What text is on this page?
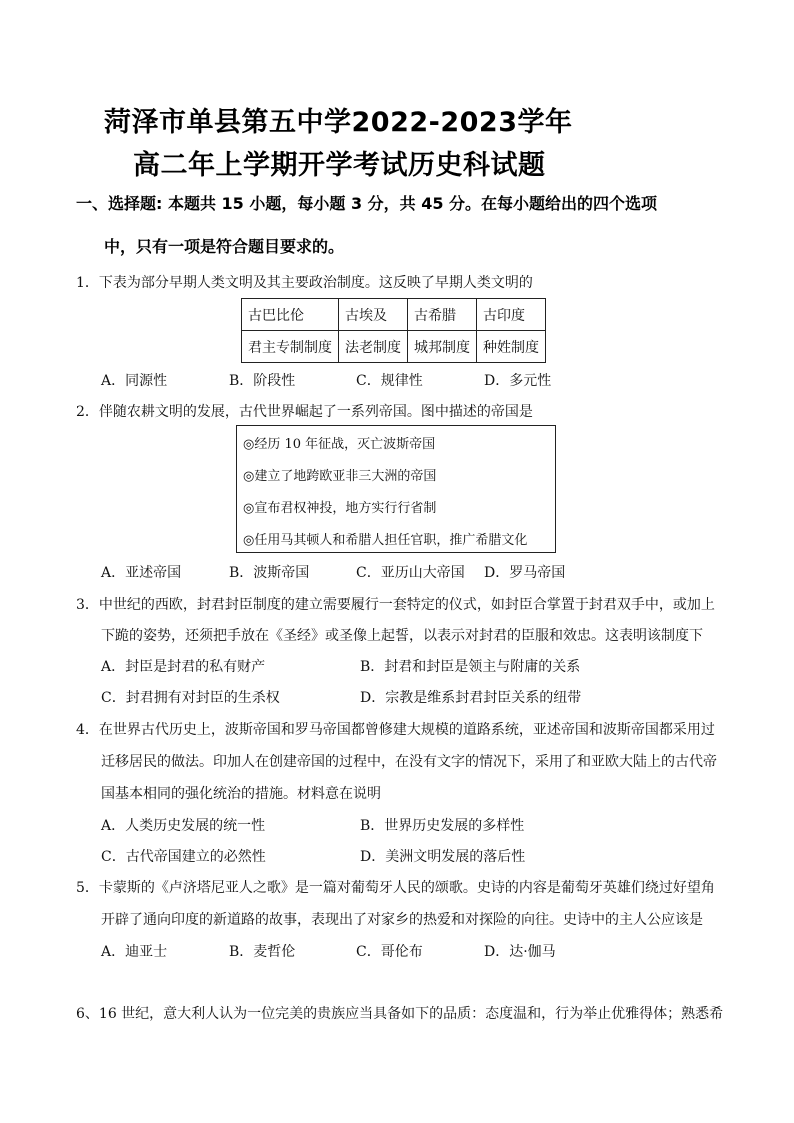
菏泽市单县第五中学2022-2023学年
高二年上学期开学考试历史科试题
一、选择题: 本题共 15 小题，每小题 3 分，共 45 分。在每小题给出的四个选项
中，只有一项是符合题目要求的。
1．下表为部分早期人类文明及其主要政治制度。这反映了早期人类文明的
古巴比伦	古埃及	古希腊	古印度
君主专制制度	法老制度	城邦制度	种姓制度
A．同源性	B．阶段性	C．规律性	D．多元性
2．伴随农耕文明的发展，古代世界崛起了一系列帝国。图中描述的帝国是
◎经历 10 年征战，灭亡波斯帝国
◎建立了地跨欧亚非三大洲的帝国
◎宣布君权神投，地方实行行省制
◎任用马其顿人和希腊人担任官职，推广希腊文化
A．亚述帝国	B．波斯帝国	C．亚历山大帝国 D．罗马帝国
3．中世纪的西欧，封君封臣制度的建立需要履行一套特定的仪式，如封臣合掌置于封君双手中，或加上
下跪的姿势，还须把手放在《圣经》或圣像上起誓，以表示对封君的臣服和效忠。这表明该制度下
A．封臣是封君的私有财产	B．封君和封臣是领主与附庸的关系
C．封君拥有对封臣的生杀权	D．宗教是维系封君封臣关系的纽带
4．在世界古代历史上，波斯帝国和罗马帝国都曾修建大规模的道路系统，亚述帝国和波斯帝国都采用过
迁移居民的做法。印加人在创建帝国的过程中，在没有文字的情况下，采用了和亚欧大陆上的古代帝
国基本相同的强化统治的措施。材料意在说明
A．人类历史发展的统一性	B．世界历史发展的多样性
C．古代帝国建立的必然性	D．美洲文明发展的落后性
5．卡蒙斯的《卢济塔尼亚人之歌》是一篇对葡萄牙人民的颂歌。史诗的内容是葡萄牙英雄们绕过好望角
开辟了通向印度的新道路的故事，表现出了对家乡的热爱和对探险的向往。史诗中的主人公应该是
A．迪亚士	B．麦哲伦	C．哥伦布	D．达·伽马
6、16 世纪，意大利人认为一位完美的贵族应当具备如下的品质：态度温和，行为举止优雅得体；熟悉希
